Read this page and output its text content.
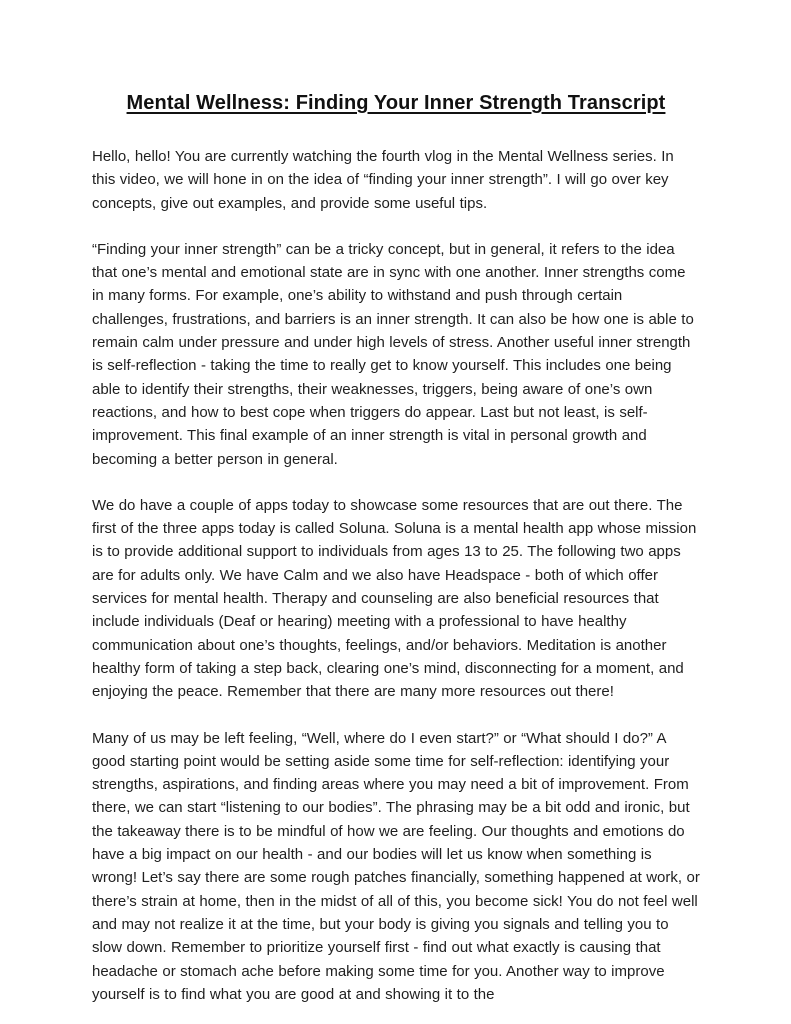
Mental Wellness: Finding Your Inner Strength Transcript

Hello, hello! You are currently watching the fourth vlog in the Mental Wellness series. In this video, we will hone in on the idea of “finding your inner strength”. I will go over key concepts, give out examples, and provide some useful tips.

“Finding your inner strength” can be a tricky concept, but in general, it refers to the idea that one’s mental and emotional state are in sync with one another. Inner strengths come in many forms. For example, one’s ability to withstand and push through certain challenges, frustrations, and barriers is an inner strength. It can also be how one is able to remain calm under pressure and under high levels of stress. Another useful inner strength is self-reflection - taking the time to really get to know yourself. This includes one being able to identify their strengths, their weaknesses, triggers, being aware of one’s own reactions, and how to best cope when triggers do appear. Last but not least, is self-improvement. This final example of an inner strength is vital in personal growth and becoming a better person in general.

We do have a couple of apps today to showcase some resources that are out there. The first of the three apps today is called Soluna. Soluna is a mental health app whose mission is to provide additional support to individuals from ages 13 to 25. The following two apps are for adults only. We have Calm and we also have Headspace - both of which offer services for mental health. Therapy and counseling are also beneficial resources that include individuals (Deaf or hearing) meeting with a professional to have healthy communication about one’s thoughts, feelings, and/or behaviors. Meditation is another healthy form of taking a step back, clearing one’s mind, disconnecting for a moment, and enjoying the peace. Remember that there are many more resources out there!

Many of us may be left feeling, “Well, where do I even start?” or “What should I do?” A good starting point would be setting aside some time for self-reflection: identifying your strengths, aspirations, and finding areas where you may need a bit of improvement. From there, we can start “listening to our bodies”. The phrasing may be a bit odd and ironic, but the takeaway there is to be mindful of how we are feeling. Our thoughts and emotions do have a big impact on our health - and our bodies will let us know when something is wrong! Let’s say there are some rough patches financially, something happened at work, or there’s strain at home, then in the midst of all of this, you become sick! You do not feel well and may not realize it at the time, but your body is giving you signals and telling you to slow down. Remember to prioritize yourself first - find out what exactly is causing that headache or stomach ache before making some time for you. Another way to improve yourself is to find what you are good at and showing it to the
